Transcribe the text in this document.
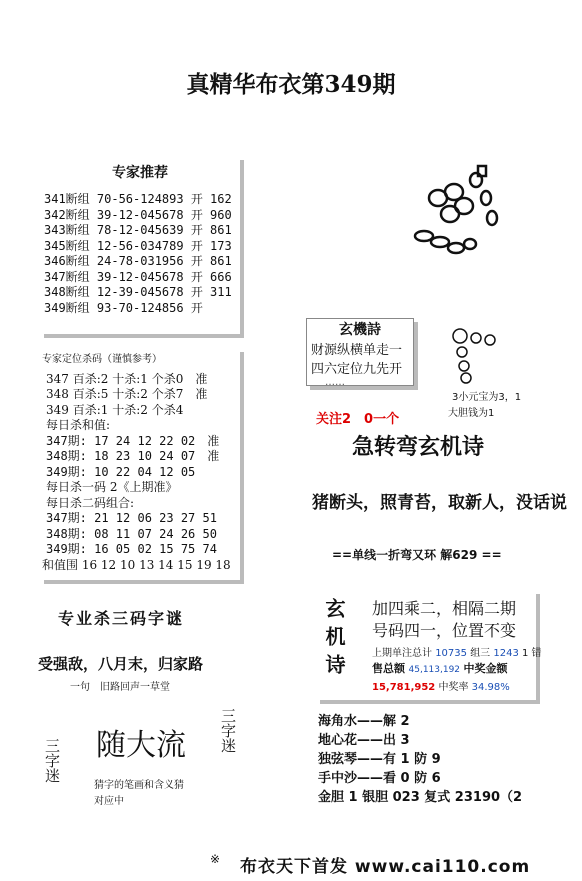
真精华布衣第349期
专家推荐
341断组 70-56-124893 开 162
342断组 39-12-045678 开 960
343断组 78-12-045639 开 861
345断组 12-56-034789 开 173
346断组 24-78-031956 开 861
347断组 39-12-045678 开 666
348断组 12-39-045678 开 311
349断组 93-70-124856 开
专家定位杀码（谨慎参考）
347 百杀:2 十杀:1 个杀0　准
348 百杀:5 十杀:2 个杀7　准
349 百杀:1 十杀:2 个杀4
每日杀和值:
347期: 17 24 12 22 02　准
348期: 18 23 10 24 07　准
349期: 10 22 04 12 05
每日杀一码 2《上期准》
每日杀二码组合:
347期: 21 12 06 23 27 51
348期: 08 11 07 24 26 50
349期: 16 05 02 15 75 74
和值围 16 12 10 13 14 15 19 18
专业杀三码字谜
受强敌，八月末，归家路
一句　旧路回声一草堂
随大流
三字迷
三字迷
猜字的笔画和含义猜
对应中
玄機詩
财源纵横单走一
四六定位九先开
……
关注2　0一个
3小元宝为3，1
大胆钱为1
急转弯玄机诗
猪断头，照青苔，取新人，没话说
==单线一折弯又环 解629 ==
玄机诗 加四乘二，相隔二期
号码四一，位置不变
上期单注总计 10735 组三 1243 1 错
售总额 45,113,192 中奖金额
15,781,952 中奖率 34.98%
海角水——解 2
地心花——出 3
独弦琴——有 1 防 9
手中沙——看 0 防 6
金胆 1 银胆 023 复式 23190（2
※ 布衣天下首发 www.cai110.com
